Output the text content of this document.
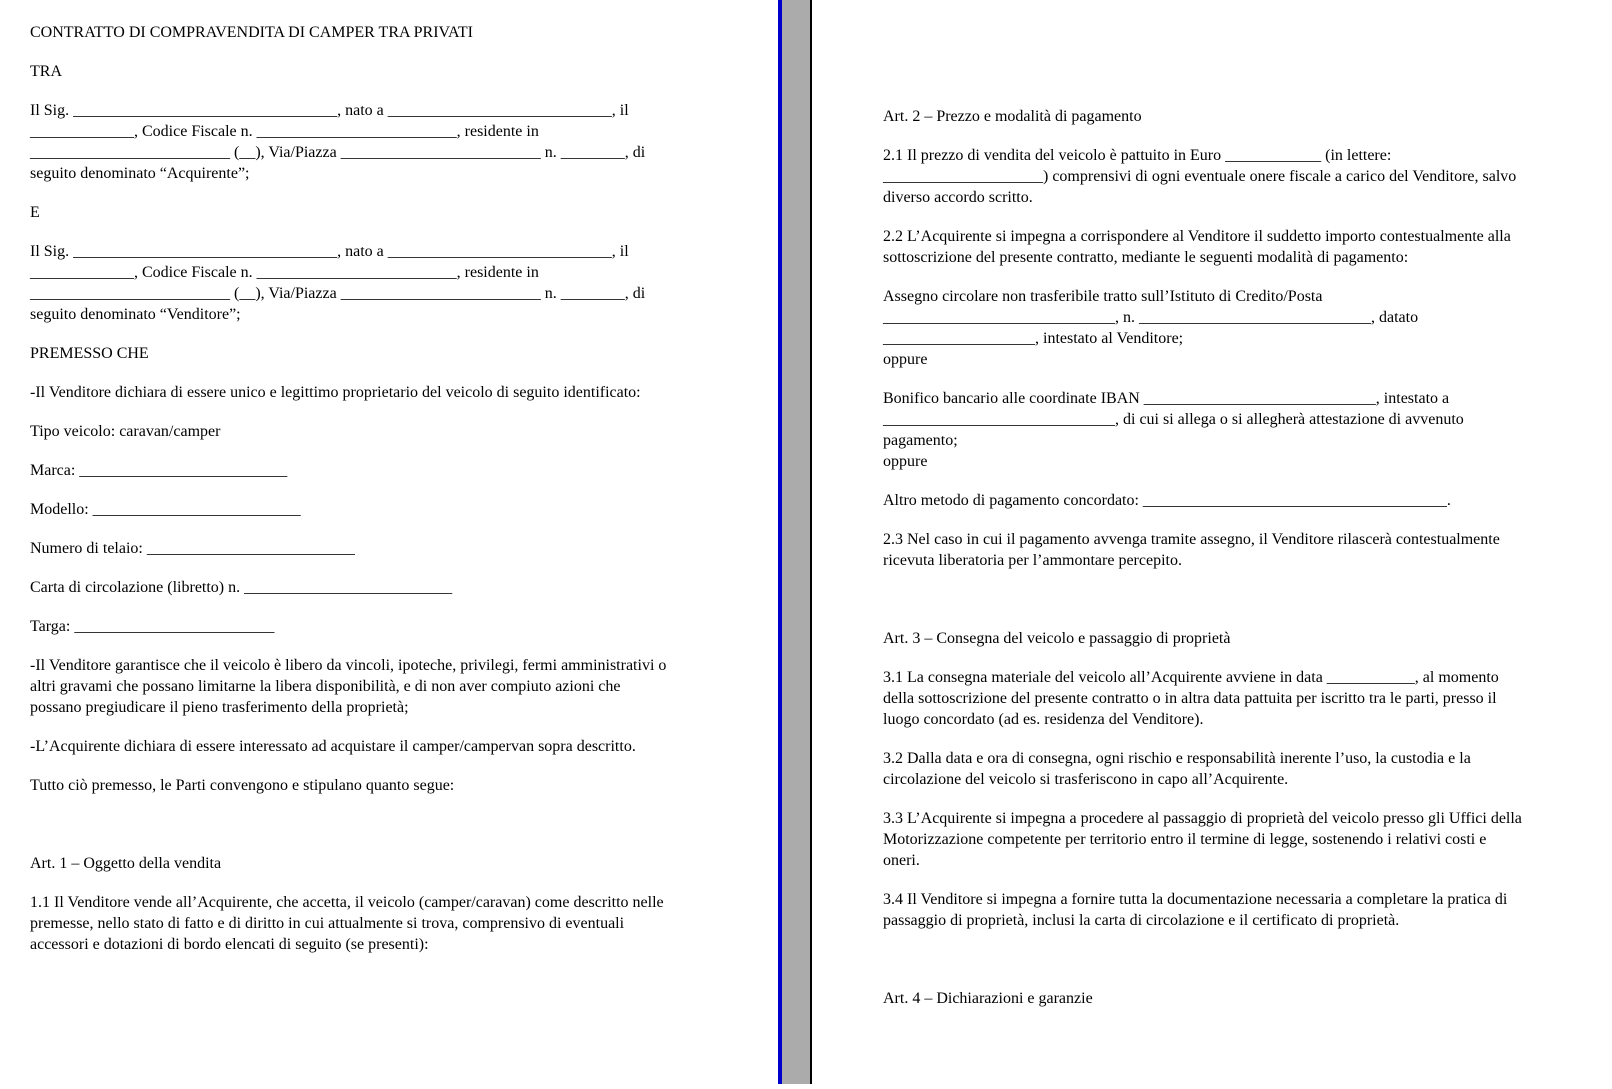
CONTRATTO DI COMPRAVENDITA DI CAMPER TRA PRIVATI
TRA
Il Sig. _________________________________, nato a ____________________________, il
_____________, Codice Fiscale n. _________________________, residente in
_________________________ (__), Via/Piazza _________________________ n. ________, di
seguito denominato “Acquirente”;
E
Il Sig. _________________________________, nato a ____________________________, il
_____________, Codice Fiscale n. _________________________, residente in
_________________________ (__), Via/Piazza _________________________ n. ________, di
seguito denominato “Venditore”;
PREMESSO CHE
-Il Venditore dichiara di essere unico e legittimo proprietario del veicolo di seguito identificato:
Tipo veicolo: caravan/camper
Marca: __________________________
Modello: __________________________
Numero di telaio: __________________________
Carta di circolazione (libretto) n. __________________________
Targa: _________________________
-Il Venditore garantisce che il veicolo è libero da vincoli, ipoteche, privilegi, fermi amministrativi o
altri gravami che possano limitarne la libera disponibilità, e di non aver compiuto azioni che
possano pregiudicare il pieno trasferimento della proprietà;
-L’Acquirente dichiara di essere interessato ad acquistare il camper/campervan sopra descritto.
Tutto ciò premesso, le Parti convengono e stipulano quanto segue:
Art. 1 – Oggetto della vendita
1.1 Il Venditore vende all’Acquirente, che accetta, il veicolo (camper/caravan) come descritto nelle
premesse, nello stato di fatto e di diritto in cui attualmente si trova, comprensivo di eventuali
accessori e dotazioni di bordo elencati di seguito (se presenti):
Art. 2 – Prezzo e modalità di pagamento
2.1 Il prezzo di vendita del veicolo è pattuito in Euro ____________ (in lettere:
____________________) comprensivi di ogni eventuale onere fiscale a carico del Venditore, salvo
diverso accordo scritto.
2.2 L’Acquirente si impegna a corrispondere al Venditore il suddetto importo contestualmente alla
sottoscrizione del presente contratto, mediante le seguenti modalità di pagamento:
Assegno circolare non trasferibile tratto sull’Istituto di Credito/Posta
_____________________________, n. _____________________________, datato
___________________, intestato al Venditore;
oppure
Bonifico bancario alle coordinate IBAN _____________________________, intestato a
_____________________________, di cui si allega o si allegherà attestazione di avvenuto
pagamento;
oppure
Altro metodo di pagamento concordato: ______________________________________.
2.3 Nel caso in cui il pagamento avvenga tramite assegno, il Venditore rilascerà contestualmente
ricevuta liberatoria per l’ammontare percepito.
Art. 3 – Consegna del veicolo e passaggio di proprietà
3.1 La consegna materiale del veicolo all’Acquirente avviene in data ___________, al momento
della sottoscrizione del presente contratto o in altra data pattuita per iscritto tra le parti, presso il
luogo concordato (ad es. residenza del Venditore).
3.2 Dalla data e ora di consegna, ogni rischio e responsabilità inerente l’uso, la custodia e la
circolazione del veicolo si trasferiscono in capo all’Acquirente.
3.3 L’Acquirente si impegna a procedere al passaggio di proprietà del veicolo presso gli Uffici della
Motorizzazione competente per territorio entro il termine di legge, sostenendo i relativi costi e
oneri.
3.4 Il Venditore si impegna a fornire tutta la documentazione necessaria a completare la pratica di
passaggio di proprietà, inclusi la carta di circolazione e il certificato di proprietà.
Art. 4 – Dichiarazioni e garanzie
